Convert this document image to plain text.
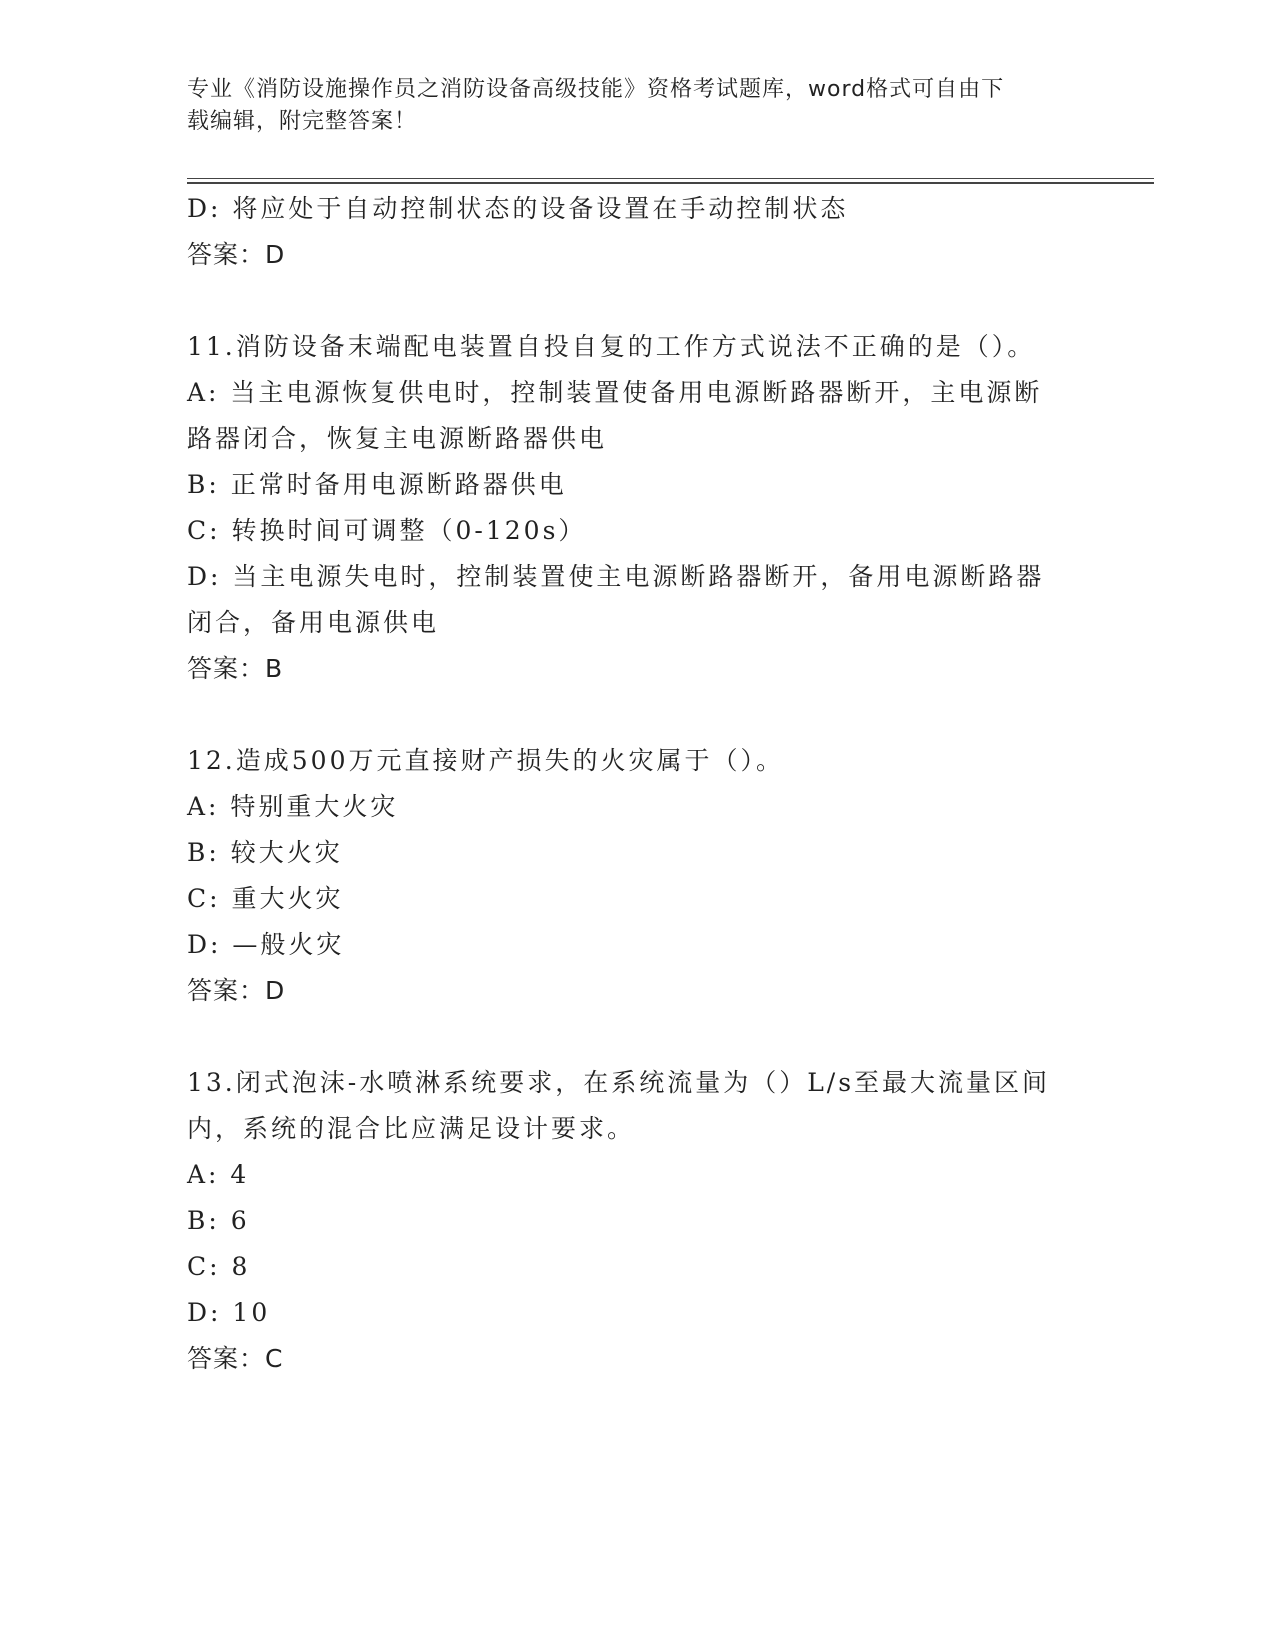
专业《消防设施操作员之消防设备高级技能》资格考试题库，word格式可自由下
载编辑，附完整答案！

D: 将应处于自动控制状态的设备设置在手动控制状态

答案：D

11.消防设备末端配电装置自投自复的工作方式说法不正确的是（）。

A: 当主电源恢复供电时，控制装置使备用电源断路器断开，主电源断

路器闭合，恢复主电源断路器供电

B: 正常时备用电源断路器供电

C: 转换时间可调整（0-120s）

D: 当主电源失电时，控制装置使主电源断路器断开，备用电源断路器

闭合，备用电源供电

答案：B

12.造成500万元直接财产损失的火灾属于（）。

A: 特别重大火灾

B: 较大火灾

C: 重大火灾

D: —般火灾

答案：D

13.闭式泡沫-水喷淋系统要求，在系统流量为（）L/s至最大流量区间

内，系统的混合比应满足设计要求。

A: 4

B: 6

C: 8

D: 10

答案：C
